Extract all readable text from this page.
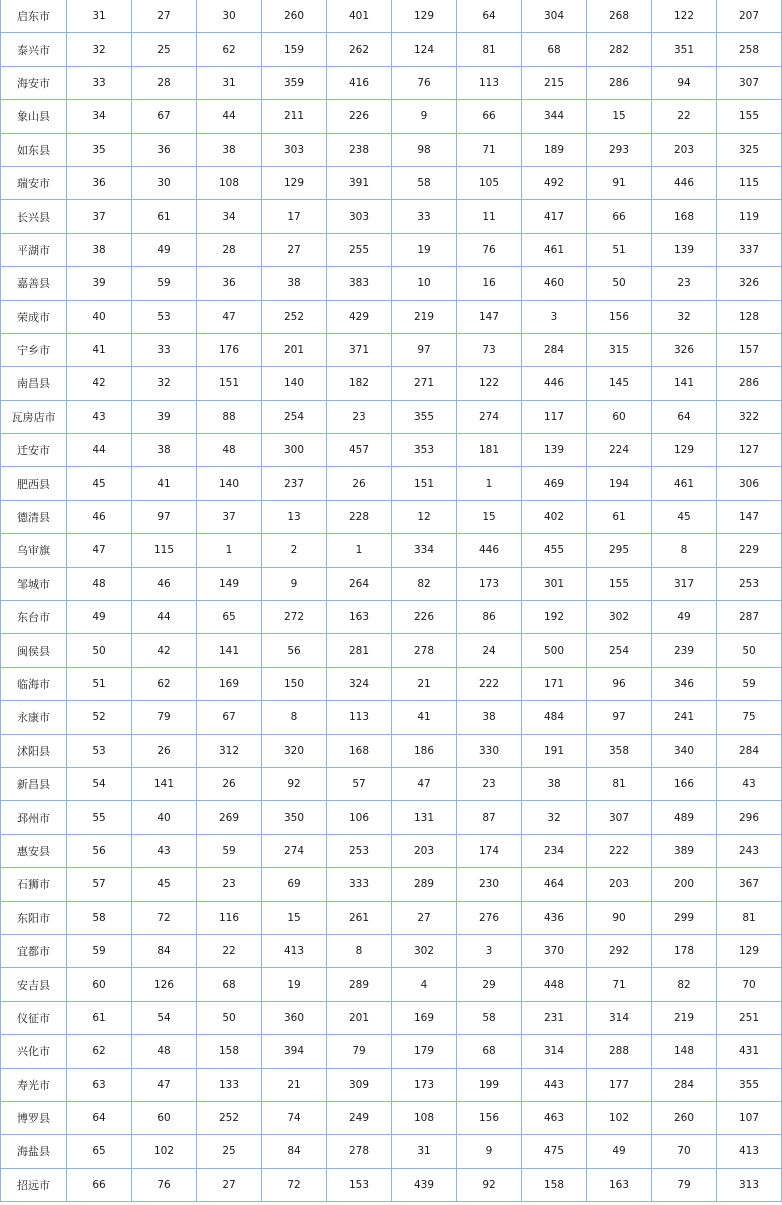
启东市	31	27	30	260	401	129	64	304	268	122	207
泰兴市	32	25	62	159	262	124	81	68	282	351	258
海安市	33	28	31	359	416	76	113	215	286	94	307
象山县	34	67	44	211	226	9	66	344	15	22	155
如东县	35	36	38	303	238	98	71	189	293	203	325
瑞安市	36	30	108	129	391	58	105	492	91	446	115
长兴县	37	61	34	17	303	33	11	417	66	168	119
平湖市	38	49	28	27	255	19	76	461	51	139	337
嘉善县	39	59	36	38	383	10	16	460	50	23	326
荣成市	40	53	47	252	429	219	147	3	156	32	128
宁乡市	41	33	176	201	371	97	73	284	315	326	157
南昌县	42	32	151	140	182	271	122	446	145	141	286
瓦房店市	43	39	88	254	23	355	274	117	60	64	322
迁安市	44	38	48	300	457	353	181	139	224	129	127
肥西县	45	41	140	237	26	151	1	469	194	461	306
德清县	46	97	37	13	228	12	15	402	61	45	147
乌审旗	47	115	1	2	1	334	446	455	295	8	229
邹城市	48	46	149	9	264	82	173	301	155	317	253
东台市	49	44	65	272	163	226	86	192	302	49	287
闽侯县	50	42	141	56	281	278	24	500	254	239	50
临海市	51	62	169	150	324	21	222	171	96	346	59
永康市	52	79	67	8	113	41	38	484	97	241	75
沭阳县	53	26	312	320	168	186	330	191	358	340	284
新昌县	54	141	26	92	57	47	23	38	81	166	43
邳州市	55	40	269	350	106	131	87	32	307	489	296
惠安县	56	43	59	274	253	203	174	234	222	389	243
石狮市	57	45	23	69	333	289	230	464	203	200	367
东阳市	58	72	116	15	261	27	276	436	90	299	81
宜都市	59	84	22	413	8	302	3	370	292	178	129
安吉县	60	126	68	19	289	4	29	448	71	82	70
仪征市	61	54	50	360	201	169	58	231	314	219	251
兴化市	62	48	158	394	79	179	68	314	288	148	431
寿光市	63	47	133	21	309	173	199	443	177	284	355
博罗县	64	60	252	74	249	108	156	463	102	260	107
海盐县	65	102	25	84	278	31	9	475	49	70	413
招远市	66	76	27	72	153	439	92	158	163	79	313
